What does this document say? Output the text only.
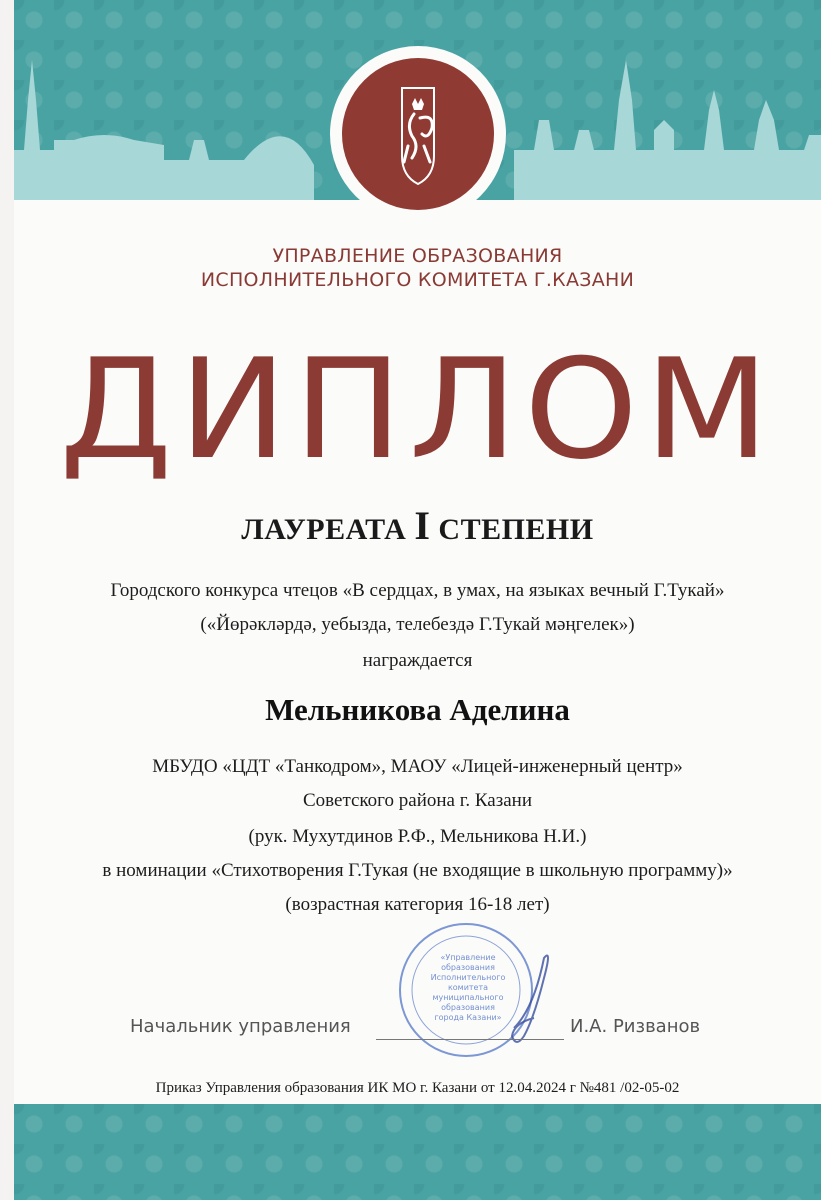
УПРАВЛЕНИЕ ОБРАЗОВАНИЯ
ИСПОЛНИТЕЛЬНОГО КОМИТЕТА Г.КАЗАНИ
ДИПЛОМ
ЛАУРЕАТА I СТЕПЕНИ
Городского конкурса чтецов «В сердцах, в умах, на языках вечный Г.Тукай»
(«Йөрәкләрдә, уебызда, телебездә Г.Тукай мәңгелек»)
награждается
Мельникова Аделина
МБУДО «ЦДТ «Танкодром», МАОУ «Лицей-инженерный центр»
Советского района г. Казани
(рук. Мухутдинов Р.Ф., Мельникова Н.И.)
в номинации «Стихотворения Г.Тукая (не входящие в школьную программу)»
(возрастная категория 16-18 лет)
«Управление
образования
Исполнительного
комитета
муниципального
образования
города Казани»
Начальник управления	И.А. Ризванов
Приказ Управления образования ИК МО г. Казани от 12.04.2024 г №481 /02-05-02
